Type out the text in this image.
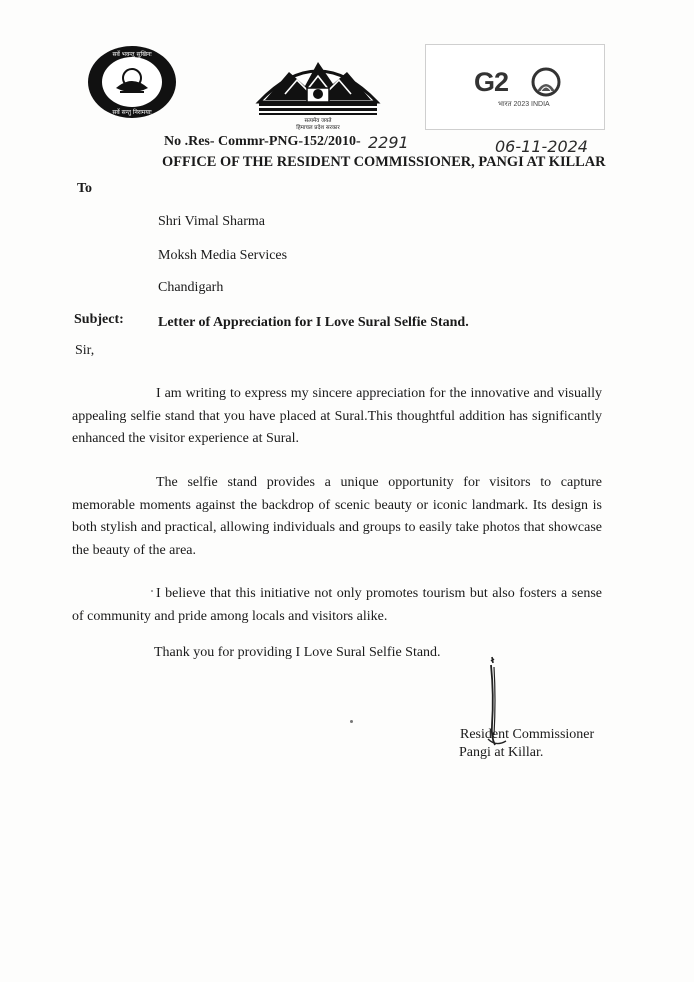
सर्वे भवन्तु सुखिनः
सर्वे सन्तु निरामयाः
सत्यमेव जयते
हिमाचल प्रदेश सरकार
G2
भारत 2023 INDIA
No .Res- Commr-PNG-152/2010- 2291	06-11-2024
OFFICE OF THE RESIDENT COMMISSIONER, PANGI AT KILLAR
To
Shri Vimal Sharma
Moksh Media Services
Chandigarh
Subject: Letter of Appreciation for I Love Sural Selfie Stand.
Sir,
I am writing to express my sincere appreciation for the innovative and visually appealing selfie stand that you have placed at Sural.This thoughtful addition has significantly enhanced the visitor experience at Sural.
The selfie stand provides a unique opportunity for visitors to capture memorable moments against the backdrop of scenic beauty or iconic landmark. Its design is both stylish and practical, allowing individuals and groups to easily take photos that showcase the beauty of the area.
I believe that this initiative not only promotes tourism but also fosters a sense of community and pride among locals and visitors alike.
Thank you for providing I Love Sural Selfie Stand.
Resident Commissioner
Pangi at Killar.
